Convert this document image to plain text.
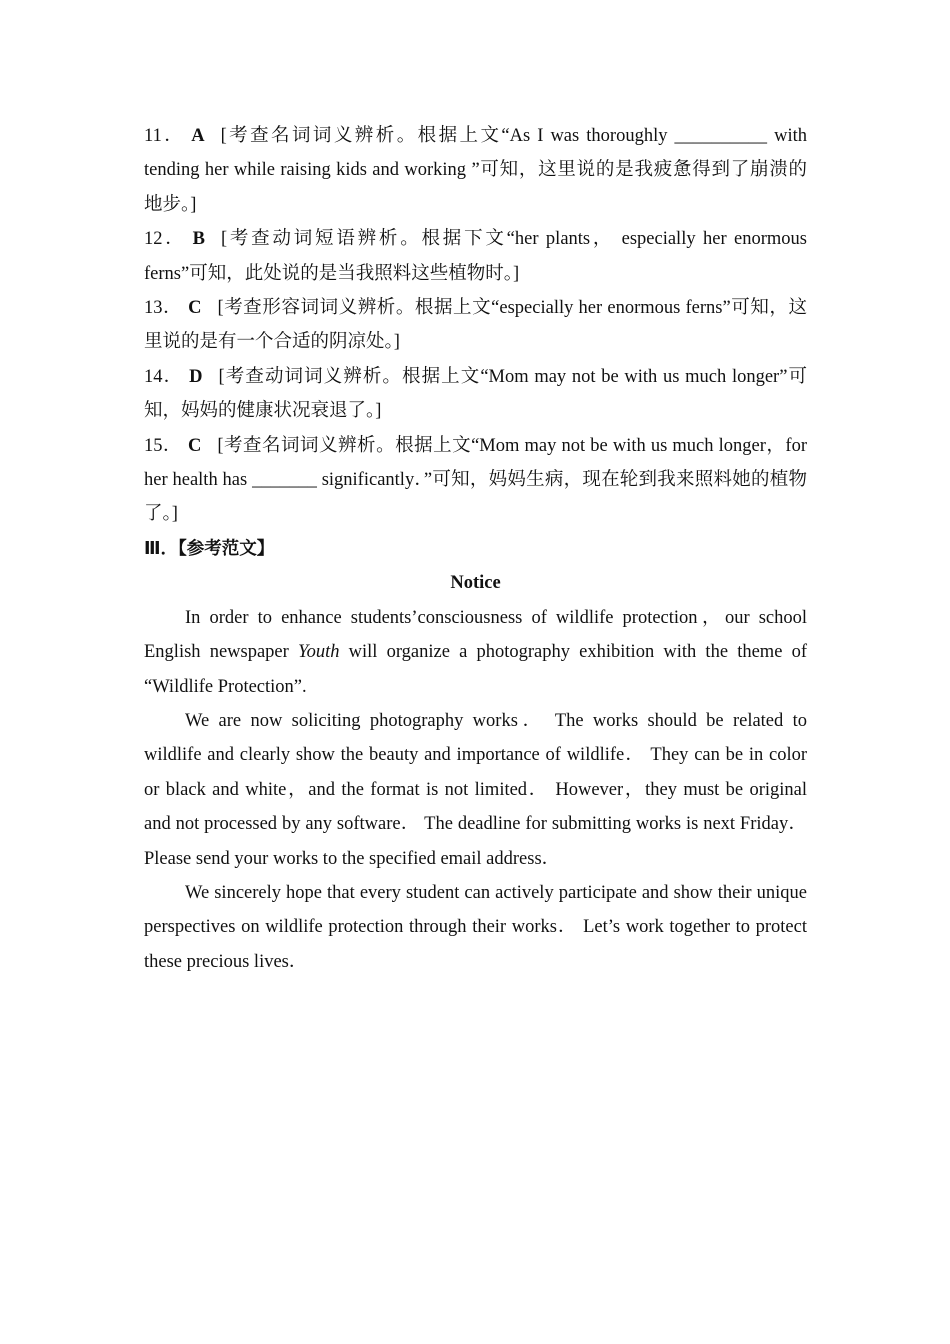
11． A [考查名词词义辨析。根据上文“As I was thoroughly __________ with tending her while raising kids and working ”可知，这里说的是我疲惫得到了崩溃的地步。]

12． B [考查动词短语辨析。根据下文“her plants， especially her enormous ferns”可知，此处说的是当我照料这些植物时。]

13． C [考查形容词词义辨析。根据上文“especially her enormous ferns”可知，这里说的是有一个合适的阴凉处。]

14． D [考查动词词义辨析。根据上文“Mom may not be with us much longer”可知，妈妈的健康状况衰退了。]

15． C [考查名词词义辨析。根据上文“Mom may not be with us much longer，for her health has _______ significantly．”可知，妈妈生病，现在轮到我来照料她的植物了。]

Ⅲ．【参考范文】

Notice

In order to enhance students’consciousness of wildlife protection，our school English newspaper Youth will organize a photography exhibition with the theme of “Wildlife Protection”.

We are now soliciting photography works． The works should be related to wildlife and clearly show the beauty and importance of wildlife． They can be in color or black and white，and the format is not limited． However，they must be original and not processed by any software． The deadline for submitting works is next Friday． Please send your works to the specified email address．

We sincerely hope that every student can actively participate and show their unique perspectives on wildlife protection through their works． Let’s work together to protect these precious lives．
